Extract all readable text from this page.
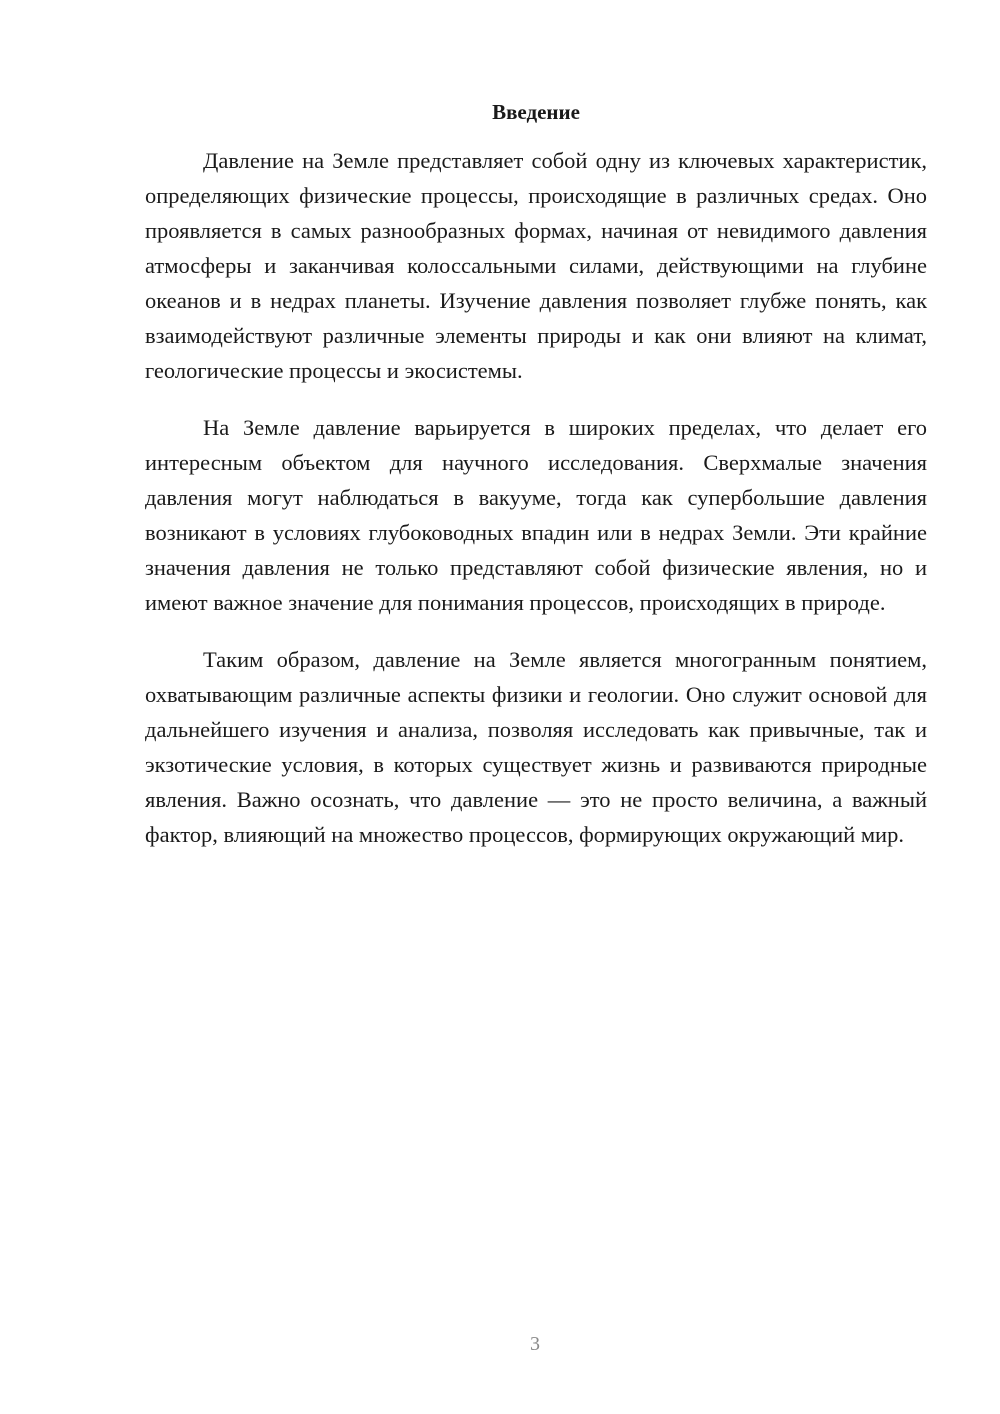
Введение

Давление на Земле представляет собой одну из ключевых характеристик, определяющих физические процессы, происходящие в различных средах. Оно проявляется в самых разнообразных формах, начиная от невидимого давления атмосферы и заканчивая колоссальными силами, действующими на глубине океанов и в недрах планеты. Изучение давления позволяет глубже понять, как взаимодействуют различные элементы природы и как они влияют на климат, геологические процессы и экосистемы.

На Земле давление варьируется в широких пределах, что делает его интересным объектом для научного исследования. Сверхмалые значения давления могут наблюдаться в вакууме, тогда как супербольшие давления возникают в условиях глубоководных впадин или в недрах Земли. Эти крайние значения давления не только представляют собой физические явления, но и имеют важное значение для понимания процессов, происходящих в природе.

Таким образом, давление на Земле является многогранным понятием, охватывающим различные аспекты физики и геологии. Оно служит основой для дальнейшего изучения и анализа, позволяя исследовать как привычные, так и экзотические условия, в которых существует жизнь и развиваются природные явления. Важно осознать, что давление — это не просто величина, а важный фактор, влияющий на множество процессов, формирующих окружающий мир.

3
